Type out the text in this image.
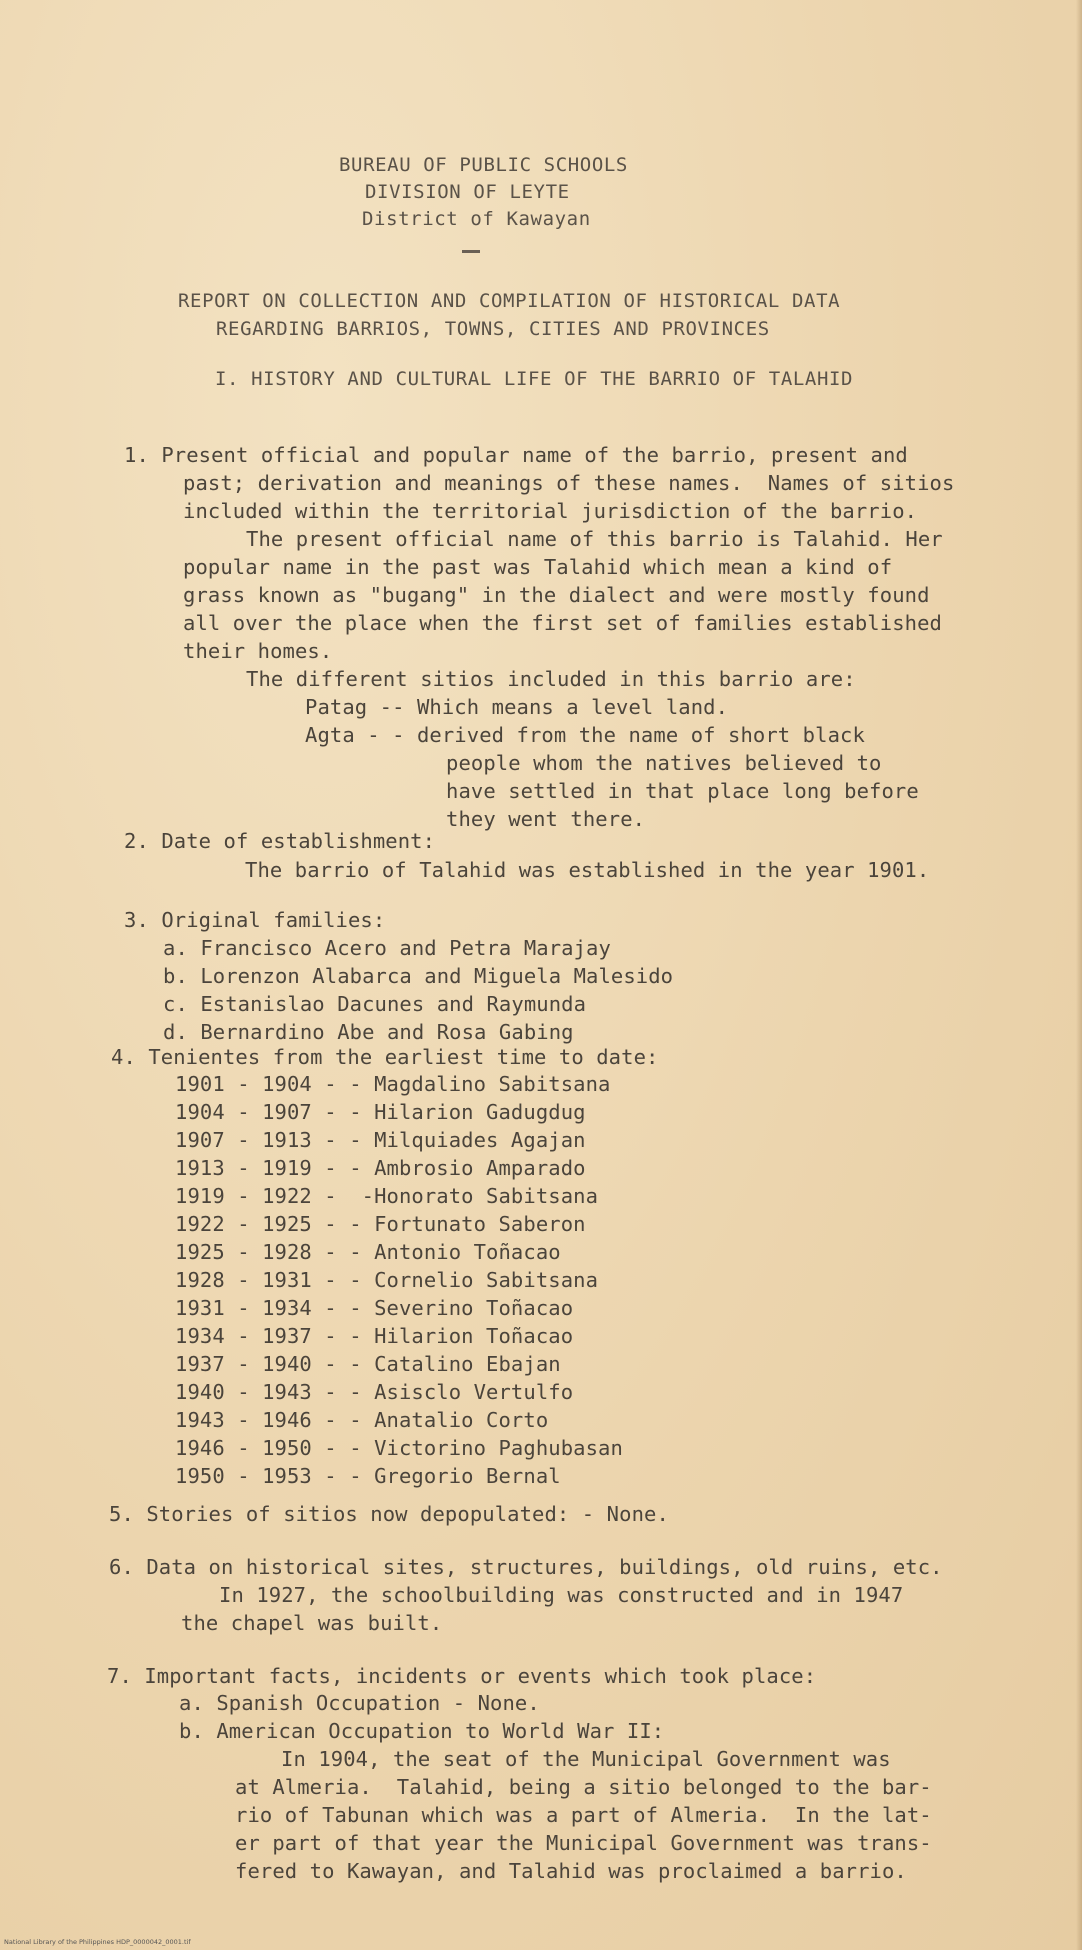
BUREAU OF PUBLIC SCHOOLS
DIVISION OF LEYTE
District of Kawayan
REPORT ON COLLECTION AND COMPILATION OF HISTORICAL DATA
REGARDING BARRIOS, TOWNS, CITIES AND PROVINCES
I. HISTORY AND CULTURAL LIFE OF THE BARRIO OF TALAHID
1. Present official and popular name of the barrio, present and
past; derivation and meanings of these names.  Names of sitios
included within the territorial jurisdiction of the barrio.
The present official name of this barrio is Talahid. Her
popular name in the past was Talahid which mean a kind of
grass known as "bugang" in the dialect and were mostly found
all over the place when the first set of families established
their homes.
The different sitios included in this barrio are:
Patag -- Which means a level land.
Agta - - derived from the name of short black
people whom the natives believed to
have settled in that place long before
they went there.
2. Date of establishment:
The barrio of Talahid was established in the year 1901.
3. Original families:
a. Francisco Acero and Petra Marajay
b. Lorenzon Alabarca and Miguela Malesido
c. Estanislao Dacunes and Raymunda
d. Bernardino Abe and Rosa Gabing
4. Tenientes from the earliest time to date:
1901 - 1904 - - Magdalino Sabitsana
1904 - 1907 - - Hilarion Gadugdug
1907 - 1913 - - Milquiades Agajan
1913 - 1919 - - Ambrosio Amparado
1919 - 1922 -  -Honorato Sabitsana
1922 - 1925 - - Fortunato Saberon
1925 - 1928 - - Antonio Toñacao
1928 - 1931 - - Cornelio Sabitsana
1931 - 1934 - - Severino Toñacao
1934 - 1937 - - Hilarion Toñacao
1937 - 1940 - - Catalino Ebajan
1940 - 1943 - - Asisclo Vertulfo
1943 - 1946 - - Anatalio Corto
1946 - 1950 - - Victorino Paghubasan
1950 - 1953 - - Gregorio Bernal
5. Stories of sitios now depopulated: - None.
6. Data on historical sites, structures, buildings, old ruins, etc.
In 1927, the schoolbuilding was constructed and in 1947
the chapel was built.
7. Important facts, incidents or events which took place:
a. Spanish Occupation - None.
b. American Occupation to World War II:
In 1904, the seat of the Municipal Government was
at Almeria.  Talahid, being a sitio belonged to the bar-
rio of Tabunan which was a part of Almeria.  In the lat-
er part of that year the Municipal Government was trans-
fered to Kawayan, and Talahid was proclaimed a barrio.
National Library of the Philippines HDP_0000042_0001.tif
